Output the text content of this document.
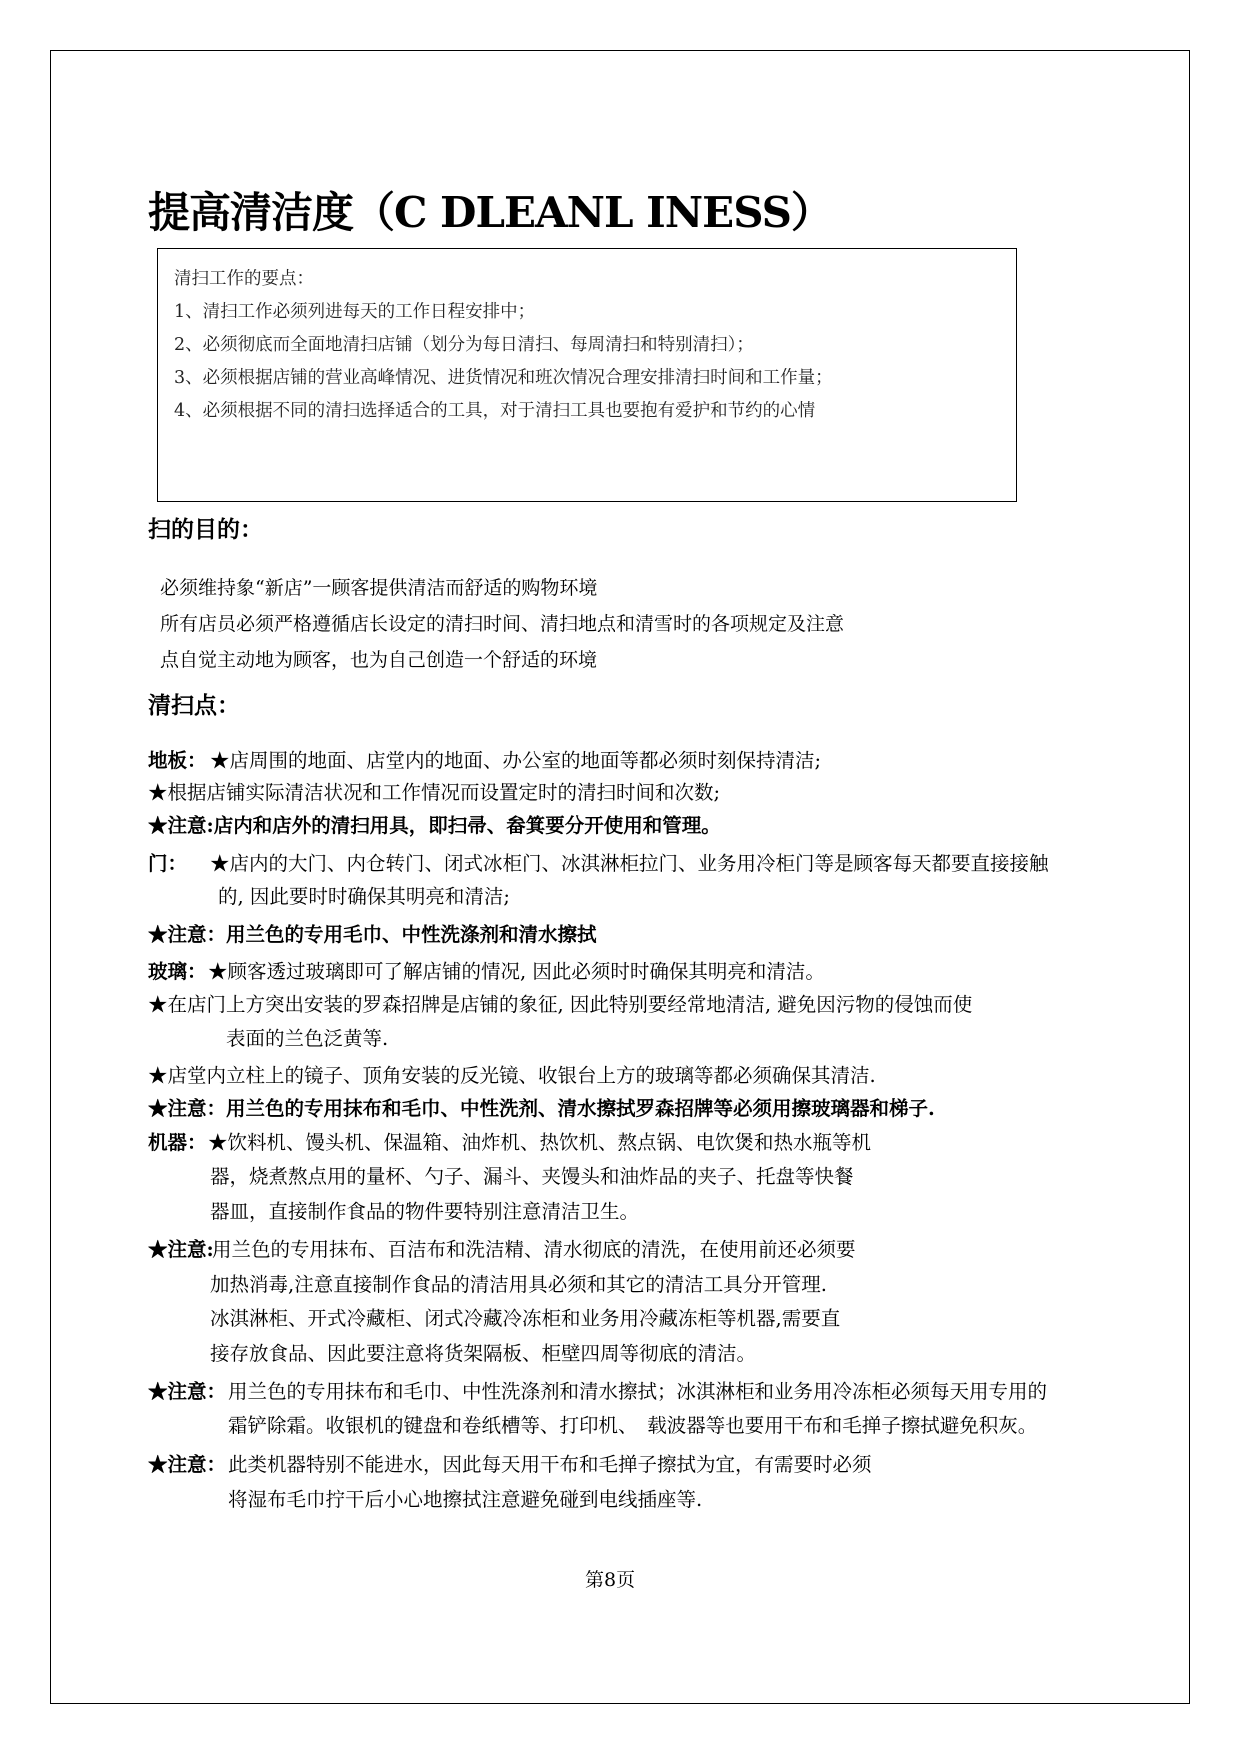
提高清洁度（C DLEANL INESS）

清扫工作的要点：

1、清扫工作必须列进每天的工作日程安排中；

2、必须彻底而全面地清扫店铺（划分为每日清扫、每周清扫和特别清扫）；

3、必须根据店铺的营业高峰情况、进货情况和班次情况合理安排清扫时间和工作量；

4、必须根据不同的清扫选择适合的工具，对于清扫工具也要抱有爱护和节约的心情

扫的目的：

必须维持象“新店”一顾客提供清洁而舒适的购物环境

所有店员必须严格遵循店长设定的清扫时间、清扫地点和清雪时的各项规定及注意

点自觉主动地为顾客，也为自己创造一个舒适的环境

清扫点：
地板： ★店周围的地面、店堂内的地面、办公室的地面等都必须时刻保持清洁;
★根据店铺实际清洁状况和工作情况而设置定时的清扫时间和次数;
★注意:店内和店外的清扫用具，即扫帚、畚箕要分开使用和管理。
门： ★店内的大门、内仓转门、闭式冰柜门、冰淇淋柜拉门、业务用冷柜门等是顾客每天都要直接接触
的, 因此要时时确保其明亮和清洁;
★注意：用兰色的专用毛巾、中性洗涤剂和清水擦拭
玻璃： ★顾客透过玻璃即可了解店铺的情况, 因此必须时时确保其明亮和清洁。
★在店门上方突出安装的罗森招牌是店铺的象征, 因此特别要经常地清洁, 避免因污物的侵蚀而使
表面的兰色泛黄等.
★店堂内立柱上的镜子、顶角安装的反光镜、收银台上方的玻璃等都必须确保其清洁.
★注意：用兰色的专用抹布和毛巾、中性洗剂、清水擦拭罗森招牌等必须用擦玻璃器和梯子.
机器： ★饮料机、馒头机、保温箱、油炸机、热饮机、熬点锅、电饮煲和热水瓶等机
器，烧煮熬点用的量杯、勺子、漏斗、夹馒头和油炸品的夹子、托盘等快餐
器皿，直接制作食品的物件要特别注意清洁卫生。
★注意:
用兰色的专用抹布、百洁布和洗洁精、清水彻底的清洗，在使用前还必须要
加热消毒,注意直接制作食品的清洁用具必须和其它的清洁工具分开管理.
冰淇淋柜、开式冷藏柜、闭式冷藏冷冻柜和业务用冷藏冻柜等机器,需要直
接存放食品、因此要注意将货架隔板、柜壁四周等彻底的清洁。
★注意： 用兰色的专用抹布和毛巾、中性洗涤剂和清水擦拭；冰淇淋柜和业务用冷冻柜必须每天用专用的
霜铲除霜。收银机的键盘和卷纸槽等、打印机、　载波器等也要用干布和毛掸子擦拭避免积灰。
★注意： 此类机器特别不能进水，因此每天用干布和毛掸子擦拭为宜，有需要时必须
将湿布毛巾拧干后小心地擦拭注意避免碰到电线插座等.
第8页
